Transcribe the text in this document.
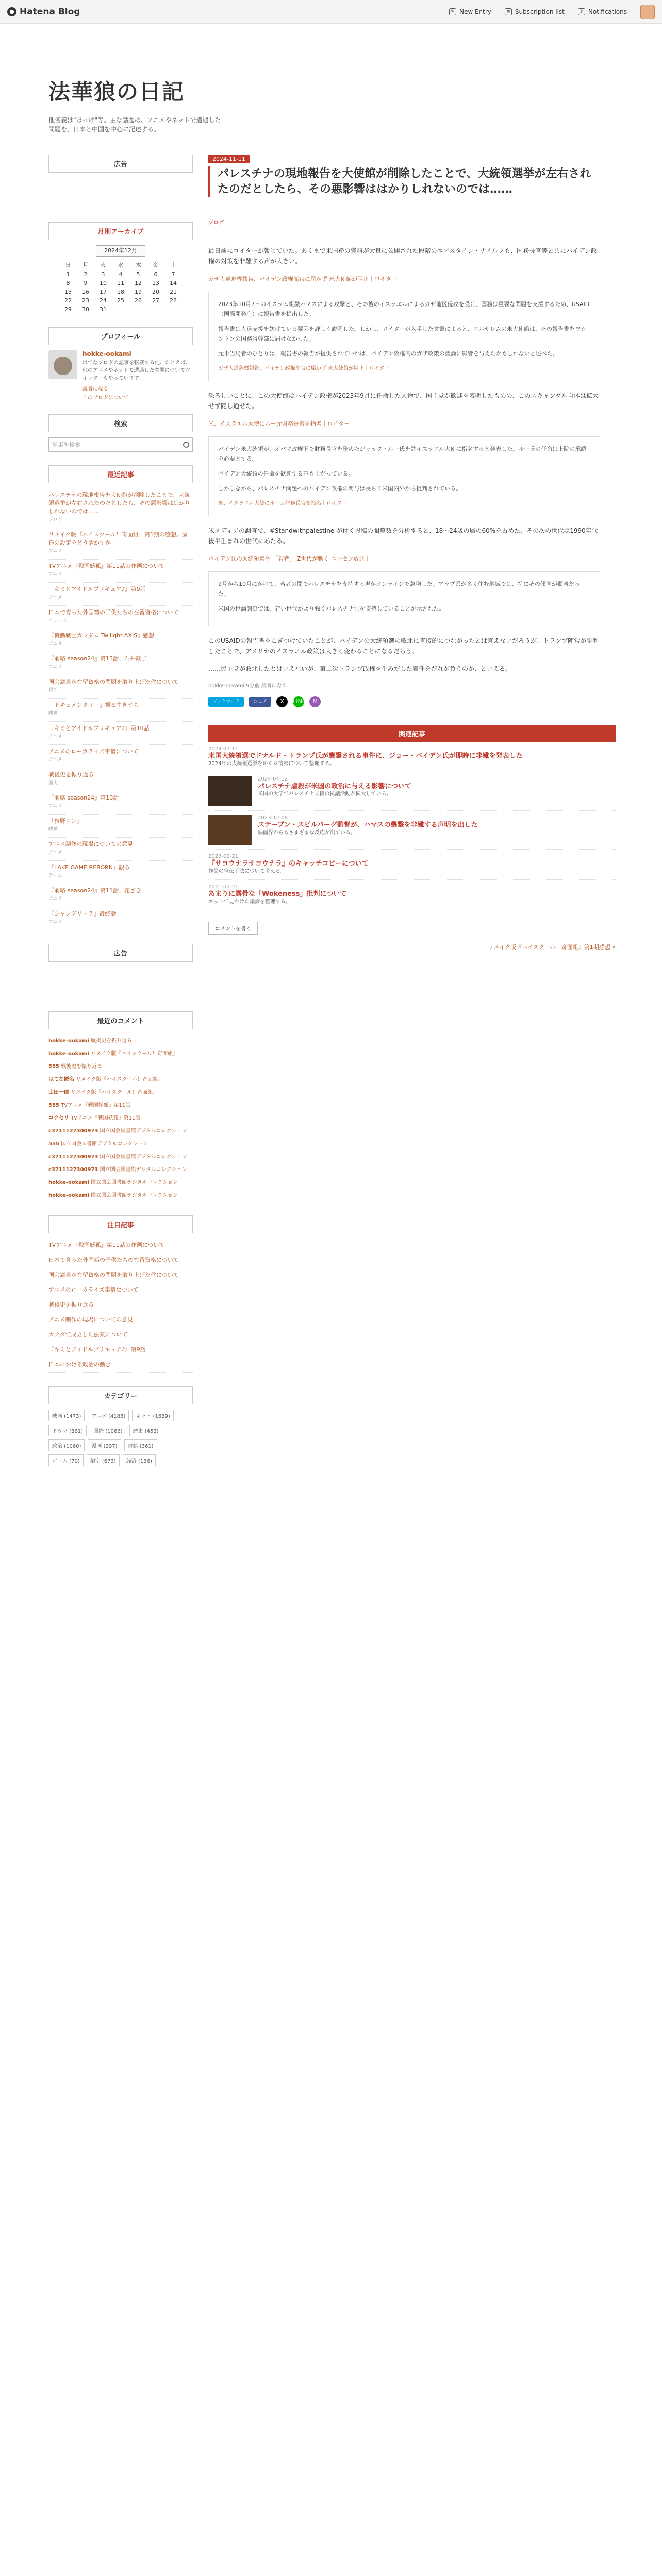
● Hatena Blog	✎ New Entry	≡ Subscription list	♪ Notifications
法華狼の日記
他名義は"ほっけ"等。主な話題は、アニメやネットで遭遇した問題を、日本と中国を中心に記述する。
広告
月別アーカイブ
2024年12月
日	月	火	水	木	金	土
1	2	3	4	5	6	7
8	9	10	11	12	13	14
15	16	17	18	19	20	21
22	23	24	25	26	27	28
29	30	31				
プロフィール
hokke-ookami
はてなブログの記事を転載する他、たとえば、他のアニメやネットで遭遇した問題についてツイッターもやっています。
読者になる
このブログについて
検索
記事を検索
最近記事
パレスチナの現地報告を大使館が削除したことで、大統領選挙が左右されたのだとしたら、その悪影響ははかりしれないのでは……
ブログ
リメイク版『ハイスクール！奇面組』第1期の感想。原作の設定をどう活かすか
アニメ
TVアニメ『戦国妖狐』第11話の作画について
アニメ
『キミとアイドルプリキュア♪』第9話
アニメ
日本で育った外国籍の子供たちの在留資格について
ニュース
『機動戦士ガンダム Twilight AXIS』感想
アニメ
『前略 season24』第13話、石井歓子
アニメ
国会議員が在留資格の問題を取り上げた件について
政治
『ドキュメンタリー』観る生きやら
映画
『キミとアイドルプリキュア♪』第10話
アニメ
アニメのローカライズ事情について
アニメ
戦後史を振り返る
歴史
『前略 season24』第10話
アニメ
「狩野ケン」
映画
アニメ制作の現場についての意見
アニメ
「LAKE GAME REBORN」観る
ゲーム
『前略 season24』第11話、花ざき
アニメ
『シャングリ・ラ』最終話
アニメ
広告
最近のコメント
hokke-ookami 戦後史を振り返る
hokke-ookami リメイク版『ハイスクール！奇面組』
555 戦後史を振り返る
はてな匿名 リメイク版『ハイスクール！奇面組』
山田一郎 リメイク版『ハイスクール！奇面組』
555 TVアニメ『戦国妖狐』第11話
コクセリ TVアニメ『戦国妖狐』第11話
c3711127300973 国立国会図書館デジタルコレクション
555 国立国会図書館デジタルコレクション
c3711127300973 国立国会図書館デジタルコレクション
c3711127300973 国立国会図書館デジタルコレクション
hokke-ookami 国立国会図書館デジタルコレクション
hokke-ookami 国立国会図書館デジタルコレクション
注目記事
TVアニメ『戦国妖狐』第11話の作画について
日本で育った外国籍の子供たちの在留資格について
国会議員が在留資格の問題を取り上げた件について
アニメのローカライズ事情について
戦後史を振り返る
アニメ制作の現場についての意見
カナダで成立した法案について
『キミとアイドルプリキュア♪』第9話
日本における政治の動き
カテゴリー
映画 (1473)	アニメ (4188)	ネット (1639)
ドラマ (361)	国際 (1066)	歴史 (453)
政治 (1060)	漫画 (297)	書籍 (361)
ゲーム (70)	架空 (673)	経済 (136)
2024-11-11
パレスチナの現地報告を大使館が削除したことで、大統領選挙が左右されたのだとしたら、その悪影響ははかりしれないのでは……
ブログ

最日前にロイターが報じていた。あくまで米国務の資料が大量に公開された段階のエアスタイン・ナイルフも、国務長官等と共にバイデン政権の対策を非難する声が大きい。

ガザ人道危機報告、バイデン政権高官に届かず 米大使館が阻止｜ロイター

2023年10月7日のイスラム組織ハマスによる攻撃と、その後のイスラエルによるガザ地区侵攻を受け、国務は重要な問題を支援するため、USAID（国際開発庁）に報告書を提出した。

報告書は人道支援を妨げている要因を詳しく説明した。しかし、ロイターが入手した文書によると、エルサレムの米大使館は、その報告書をワシントンの国務省幹部に届けなかった。

元米当局者のひとりは、報告書の報告が提供されていれば、バイデン政権内のガザ政策の議論に影響を与えたかもしれないと述べた。

ガザ人道危機報告、バイデン政権高官に届かず 米大使館が阻止｜ロイター

恐ろしいことに、この大使館はバイデン政権が2023年9月に任命した人物で、国主党が歓迎を表明したものの、このスキャンダル自体は拡大せず隠し通せた。

米、イスラエル大使にルー元財務長官を指名｜ロイター

バイデン米大統領が、オバマ政権下で財務長官を務めたジャック・ルー氏を駐イスラエル大使に指名すると発表した。ルー氏の任命は上院の承認を必要とする。

バイデン大統領の任命を歓迎する声も上がっている。

しかしながら、パレスチナ問題へのバイデン政権の関与は長らく米国内外から批判されている。

米、イスラエル大使にルー元財務長官を指名｜ロイター

米メディアの調査で、#Standwithpalestine が付く投稿の閲覧数を分析すると、18〜24歳の層の60%を占めた。その次の世代は1990年代後半生まれの世代にあたる。

バイデン氏の大統領選挙 「若者」 Z世代が動く ニッセン放送｜

9月から10月にかけて、若者の間でパレスチナを支持する声がオンラインで急増した。アラブ系が多く住む地域では、特にその傾向が顕著だった。

米国の世論調査では、若い世代がより強くパレスチナ側を支持していることが示された。

このUSAIDの報告書をこぎつけていたことが、バイデンの大統領選の敗北に直接的につながったとは言えないだろうが、トランプ陣営が勝利したことで、アメリカのイスラエル政策は大きく変わることになるだろう。

……民主党が敗北したとはいえないが、第二次トランプ政権を生みだした責任をだれが負うのか、といえる。

hokke-ookami 9分前 読者になる
ブックマーク	シェア	X	LINE	M
関連記事
2024-07-11
米国大統領選でドナルド・トランプ氏が襲撃される事件に、ジョー・バイデン氏が即時に非難を発表した
2024年の大統領選挙をめぐる情勢について整理する。
2024-04-12
パレスチナ虐殺が米国の政治に与える影響について
米国の大学でパレスチナ支援の抗議活動が拡大している。
2023-12-08
ステーブン・スピルバーグ監督が、ハマスの襲撃を非難する声明を出した
映画界からもさまざまな反応が出ている。
2023-02-21
『サヨウナラサヨウナラ』のキャッチコピーについて
作品の宣伝手法について考える。
2021-05-21
あまりに露骨な「Wokeness」批判について
ネットで見かけた議論を整理する。
コメントを書く
リメイク版『ハイスクール！奇面組』第1期感想 »
